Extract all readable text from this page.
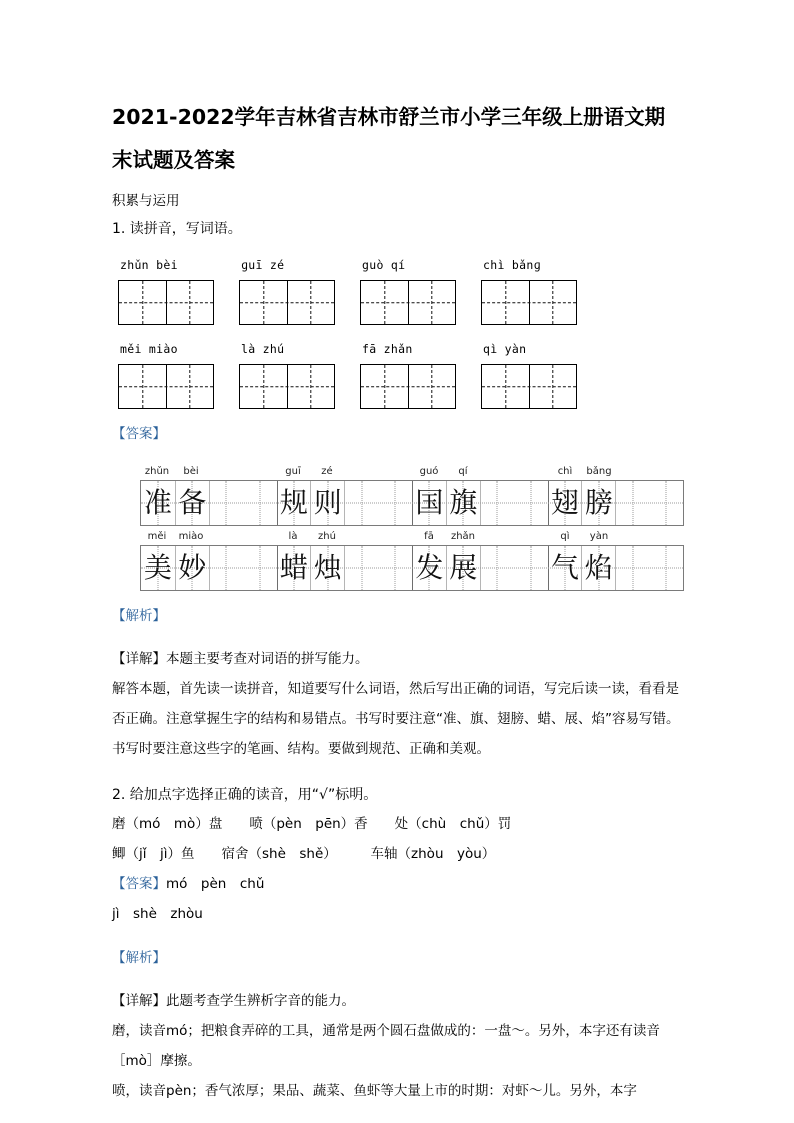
2021-2022学年吉林省吉林市舒兰市小学三年级上册语文期末试题及答案

积累与运用

1. 读拼音，写词语。

zhǔn bèi	ɡuī zé	guò qí	chì bǎnɡ
měi miào	là zhú	fā zhǎn	qì yàn

【答案】

zhǔn	bèi	guī	zé	guó	qí	chì	bǎng
准 备	规 则	国 旗	翅 膀
měi	miào	là	zhú	fā	zhǎn	qì	yàn
美 妙	蜡 烛	发 展	气 焰

【解析】

【详解】本题主要考查对词语的拼写能力。

解答本题，首先读一读拼音，知道要写什么词语，然后写出正确的词语，写完后读一读，看看是否正确。注意掌握生字的结构和易错点。书写时要注意“准、旗、翅膀、蜡、展、焰”容易写错。书写时要注意这些字的笔画、结构。要做到规范、正确和美观。

2. 给加点字选择正确的读音，用“√”标明。

磨（mó　mò）盘　　喷（pèn　pēn）香　　处（chù　chǔ）罚

鲫（jǐ　jì）鱼　　宿舍（shè　shě）　　　车轴（zhòu　yòu）

【答案】mó　pèn　chǔ

jì　shè　zhòu

【解析】

【详解】此题考查学生辨析字音的能力。

磨，读音mó；把粮食弄碎的工具，通常是两个圆石盘做成的：一盘～。另外，本字还有读音［mò］摩擦。

喷，读音pèn；香气浓厚；果品、蔬菜、鱼虾等大量上市的时期：对虾～儿。另外，本字
